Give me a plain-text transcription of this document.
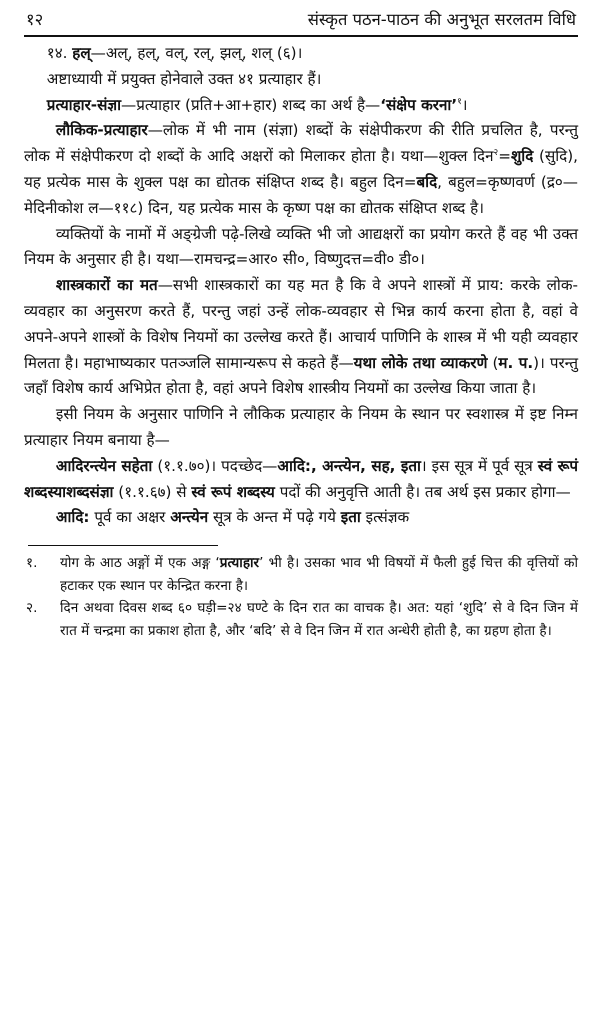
१२	संस्कृत पठन-पाठन की अनुभूत सरलतम विधि

१४. हल्—अल्, हल्, वल्, रल्, झल्, शल् (६)।

अष्टाध्यायी में प्रयुक्त होनेवाले उक्त ४१ प्रत्याहार हैं।

प्रत्याहार-संज्ञा—प्रत्याहार (प्रति+आ+हार) शब्द का अर्थ है—‘संक्षेप करना’$^१$।

लौकिक-प्रत्याहार—लोक में भी नाम (संज्ञा) शब्दों के संक्षेपीकरण की रीति प्रचलित है, परन्तु लोक में संक्षेपीकरण दो शब्दों के आदि अक्षरों को मिलाकर होता है। यथा—शुक्ल दिन$^२$=शुदि (सुदि), यह प्रत्येक मास के शुक्ल पक्ष का द्योतक संक्षिप्त शब्द है। बहुल दिन=बदि, बहुल=कृष्णवर्ण (द्र०—मेदिनीकोश ल—११८) दिन, यह प्रत्येक मास के कृष्ण पक्ष का द्योतक संक्षिप्त शब्द है।

व्यक्तियों के नामों में अङ्ग्रेजी पढ़े-लिखे व्यक्ति भी जो आद्यक्षरों का प्रयोग करते हैं वह भी उक्त नियम के अनुसार ही है। यथा—रामचन्द्र=आर० सी०, विष्णुदत्त=वी० डी०।

शास्त्रकारों का मत—सभी शास्त्रकारों का यह मत है कि वे अपने शास्त्रों में प्राय: करके लोक-व्यवहार का अनुसरण करते हैं, परन्तु जहां उन्हें लोक-व्यवहार से भिन्न कार्य करना होता है, वहां वे अपने-अपने शास्त्रों के विशेष नियमों का उल्लेख करते हैं। आचार्य पाणिनि के शास्त्र में भी यही व्यवहार मिलता है। महाभाष्यकार पतञ्जलि सामान्यरूप से कहते हैं—यथा लोके तथा व्याकरणे (म. प.)। परन्तु जहाँ विशेष कार्य अभिप्रेत होता है, वहां अपने विशेष शास्त्रीय नियमों का उल्लेख किया जाता है।

इसी नियम के अनुसार पाणिनि ने लौकिक प्रत्याहार के नियम के स्थान पर स्वशास्त्र में इष्ट निम्न प्रत्याहार नियम बनाया है—

आदिरन्त्येन सहेता (१.१.७०)। पदच्छेद—आदि:, अन्त्येन, सह, इता। इस सूत्र में पूर्व सूत्र स्वं रूपं शब्दस्याशब्दसंज्ञा (१.१.६७) से स्वं रूपं शब्दस्य पदों की अनुवृत्ति आती है। तब अर्थ इस प्रकार होगा—

आदि: पूर्व का अक्षर अन्त्येन सूत्र के अन्त में पढ़े गये इता इत्संज्ञक

१.	योग के आठ अङ्गों में एक अङ्ग ‘प्रत्याहार’ भी है। उसका भाव भी विषयों में फैली हुई चित्त की वृत्तियों को हटाकर एक स्थान पर केन्द्रित करना है।
२.	दिन अथवा दिवस शब्द ६० घड़ी=२४ घण्टे के दिन रात का वाचक है। अत: यहां ‘शुदि’ से वे दिन जिन में रात में चन्द्रमा का प्रकाश होता है, और ‘बदि’ से वे दिन जिन में रात अन्धेरी होती है, का ग्रहण होता है।
